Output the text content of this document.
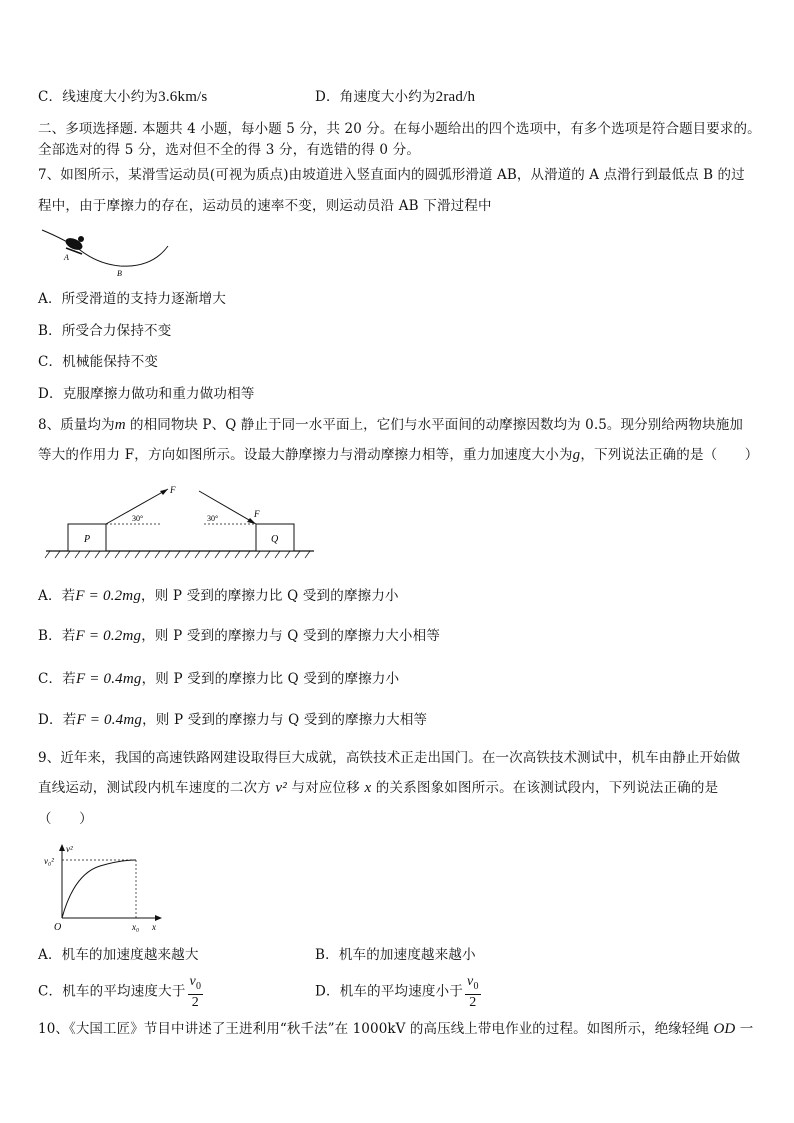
C．线速度大小约为3.6km/s	D．角速度大小约为2rad/h
二、多项选择题. 本题共 4 小题，每小题 5 分，共 20 分。在每小题给出的四个选项中，有多个选项是符合题目要求的。
全部选对的得 5 分，选对但不全的得 3 分，有选错的得 0 分。
7、如图所示，某滑雪运动员(可视为质点)由坡道进入竖直面内的圆弧形滑道 AB，从滑道的 A 点滑行到最低点 B 的过
程中，由于摩擦力的存在，运动员的速率不变，则运动员沿 AB 下滑过程中
A
B
A．所受滑道的支持力逐渐增大
B．所受合力保持不变
C．机械能保持不变
D．克服摩擦力做功和重力做功相等
8、质量均为m 的相同物块 P、Q 静止于同一水平面上，它们与水平面间的动摩擦因数均为 0.5。现分别给两物块施加
等大的作用力 F，方向如图所示。设最大静摩擦力与滑动摩擦力相等，重力加速度大小为g，下列说法正确的是（　　）
P
F
30°
Q
F
30°
A．若F = 0.2mg，则 P 受到的摩擦力比 Q 受到的摩擦力小
B．若F = 0.2mg，则 P 受到的摩擦力与 Q 受到的摩擦力大小相等
C．若F = 0.4mg，则 P 受到的摩擦力比 Q 受到的摩擦力小
D．若F = 0.4mg，则 P 受到的摩擦力与 Q 受到的摩擦力大相等
9、近年来，我国的高速铁路网建设取得巨大成就，高铁技术正走出国门。在一次高铁技术测试中，机车由静止开始做
直线运动，测试段内机车速度的二次方 v² 与对应位移 x 的关系图象如图所示。在该测试段内，下列说法正确的是
（　　）
v²
v₀²
x₀ x
O
A．机车的加速度越来越大	B．机车的加速度越来越小
C．机车的平均速度大于 $\frac{v_0}{2}$	D．机车的平均速度小于 $\frac{v_0}{2}$
10、《大国工匠》节目中讲述了王进利用“秋千法”在 1000kV 的高压线上带电作业的过程。如图所示，绝缘轻绳 OD 一
